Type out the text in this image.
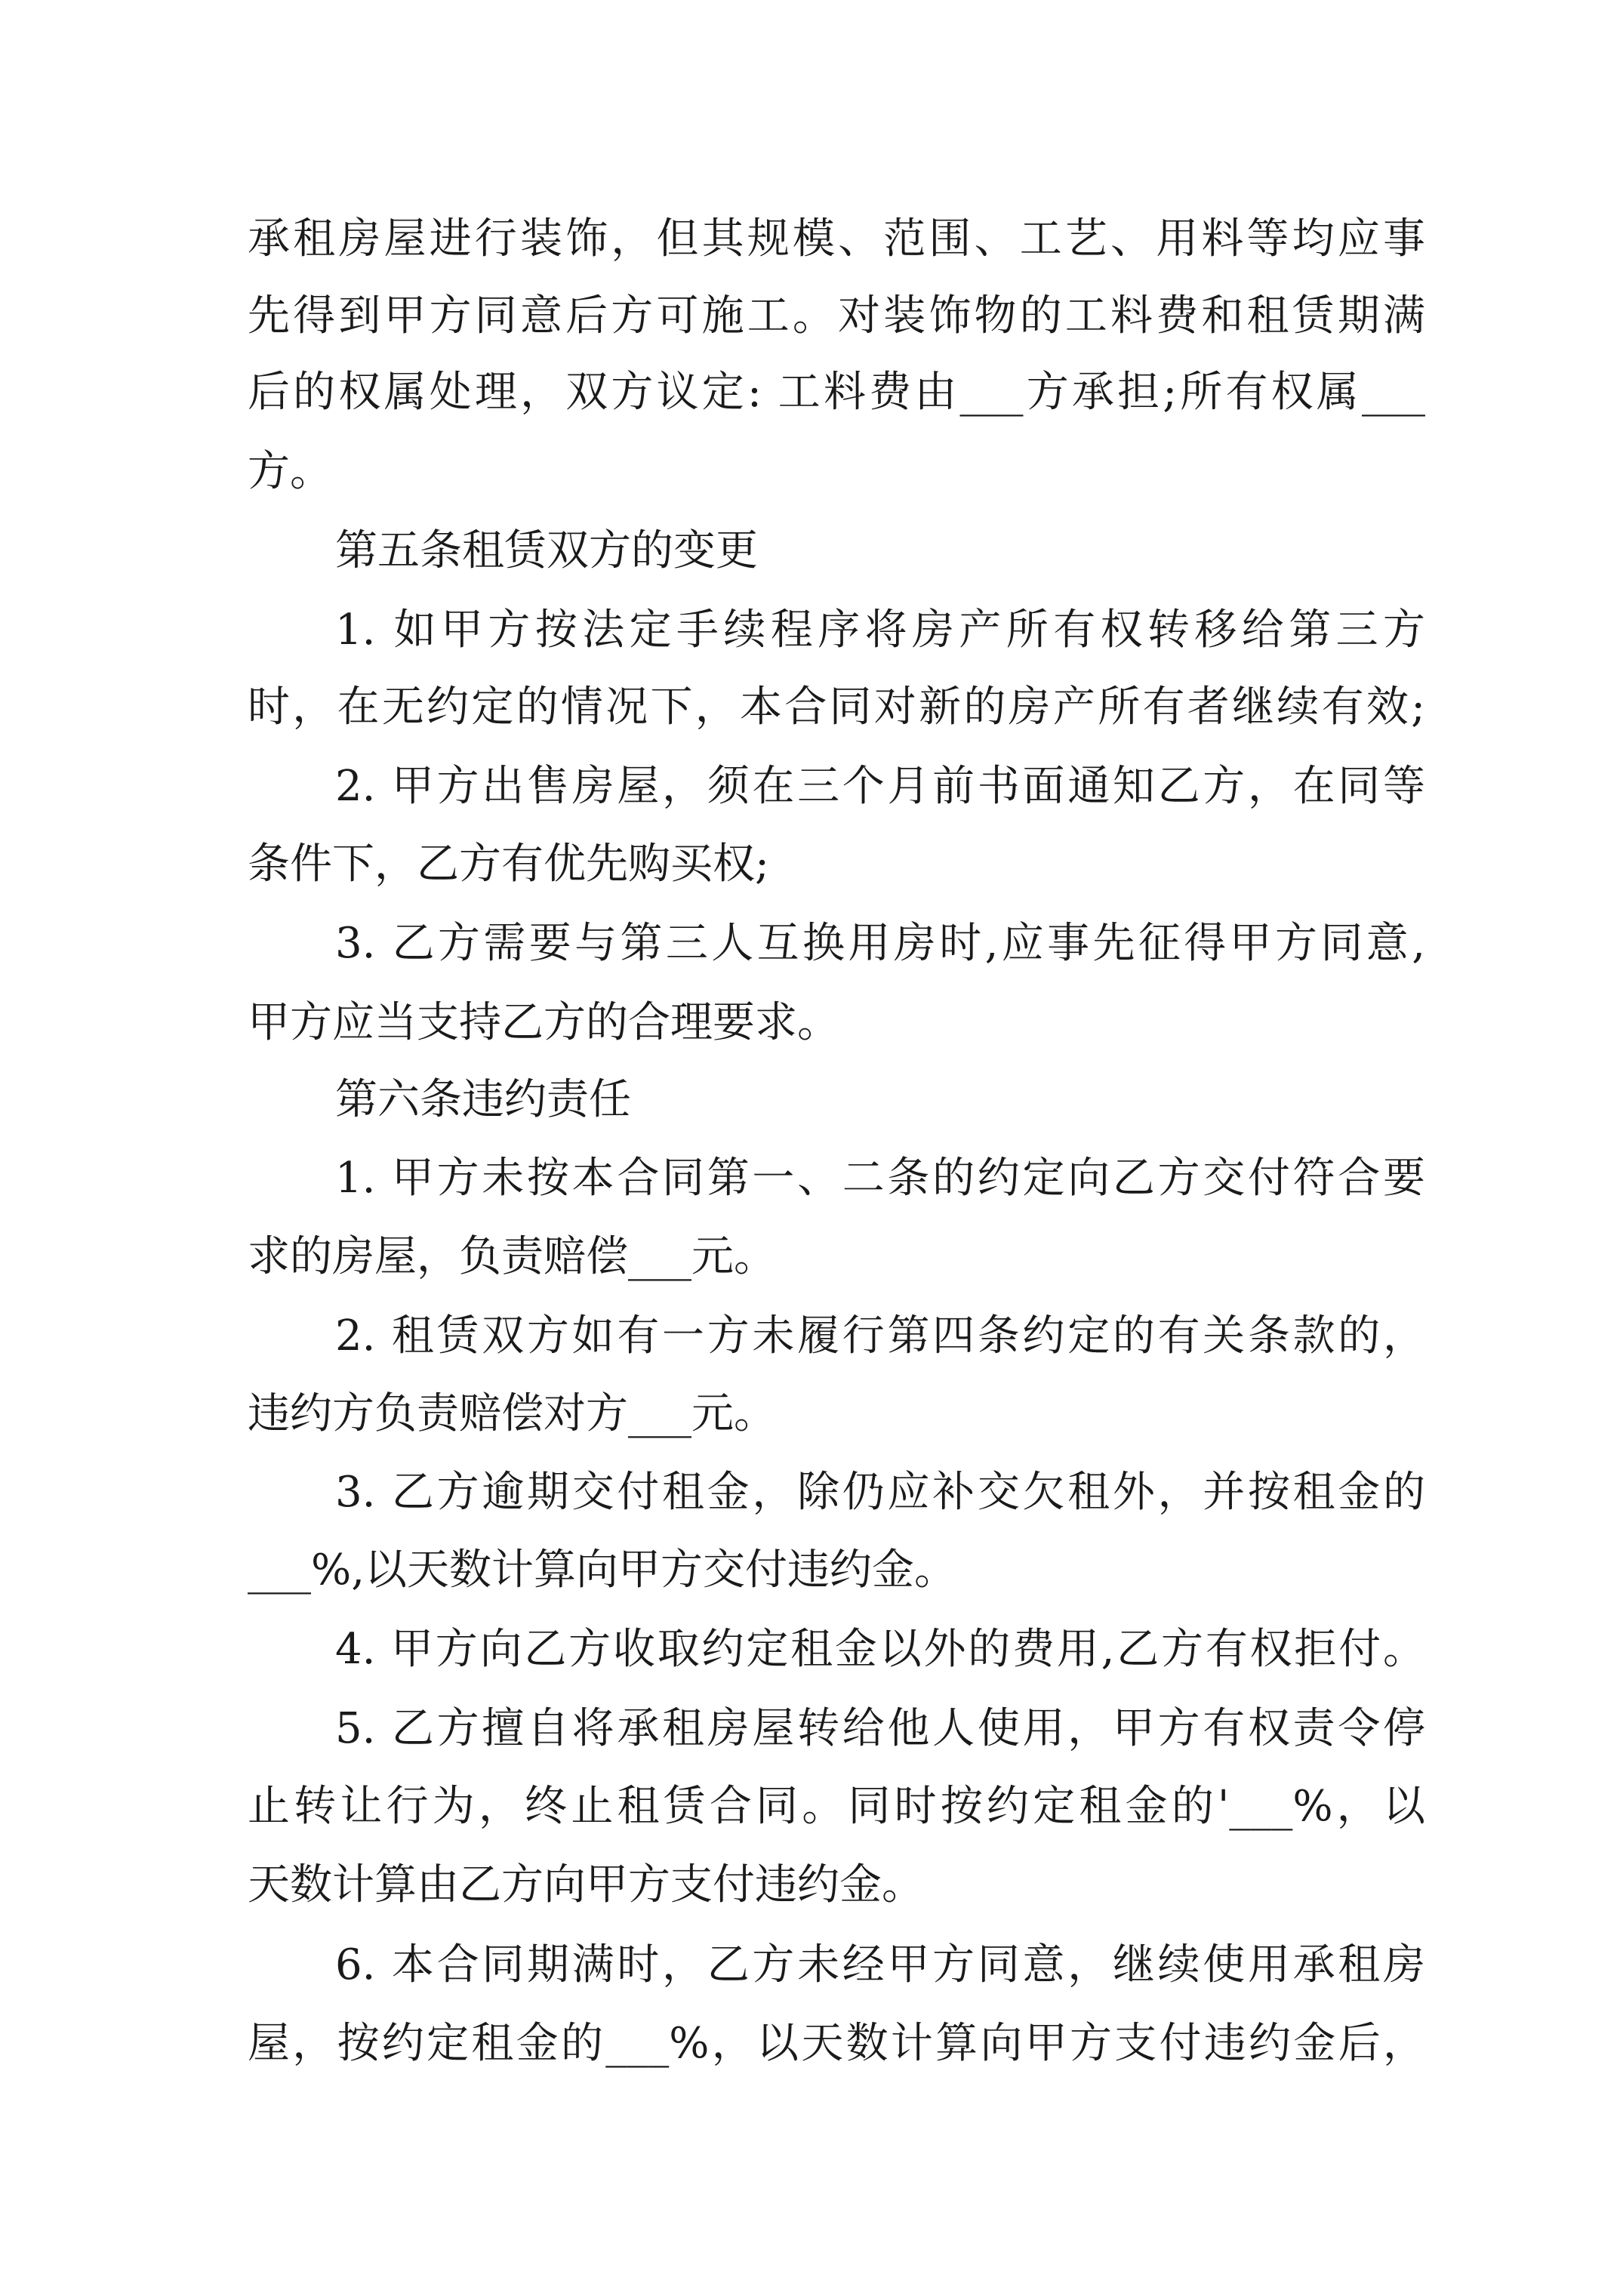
承租房屋进行装饰，但其规模、范围、工艺、用料等均应事
先得到甲方同意后方可施工。对装饰物的工料费和租赁期满
后的权属处理，双方议定: 工料费由___方承担;所有权属___
方。
第五条租赁双方的变更
1. 如甲方按法定手续程序将房产所有权转移给第三方
时，在无约定的情况下，本合同对新的房产所有者继续有效;
2. 甲方出售房屋，须在三个月前书面通知乙方，在同等
条件下，乙方有优先购买权;
3. 乙方需要与第三人互换用房时,应事先征得甲方同意,
甲方应当支持乙方的合理要求。
第六条违约责任
1. 甲方未按本合同第一、二条的约定向乙方交付符合要
求的房屋，负责赔偿___元。
2. 租赁双方如有一方未履行第四条约定的有关条款的，
违约方负责赔偿对方___元。
3. 乙方逾期交付租金，除仍应补交欠租外，并按租金的
___%,以天数计算向甲方交付违约金。
4. 甲方向乙方收取约定租金以外的费用,乙方有权拒付。
5. 乙方擅自将承租房屋转给他人使用，甲方有权责令停
止转让行为，终止租赁合同。同时按约定租金的'___%，以
天数计算由乙方向甲方支付违约金。
6. 本合同期满时，乙方未经甲方同意，继续使用承租房
屋，按约定租金的___%，以天数计算向甲方支付违约金后，
